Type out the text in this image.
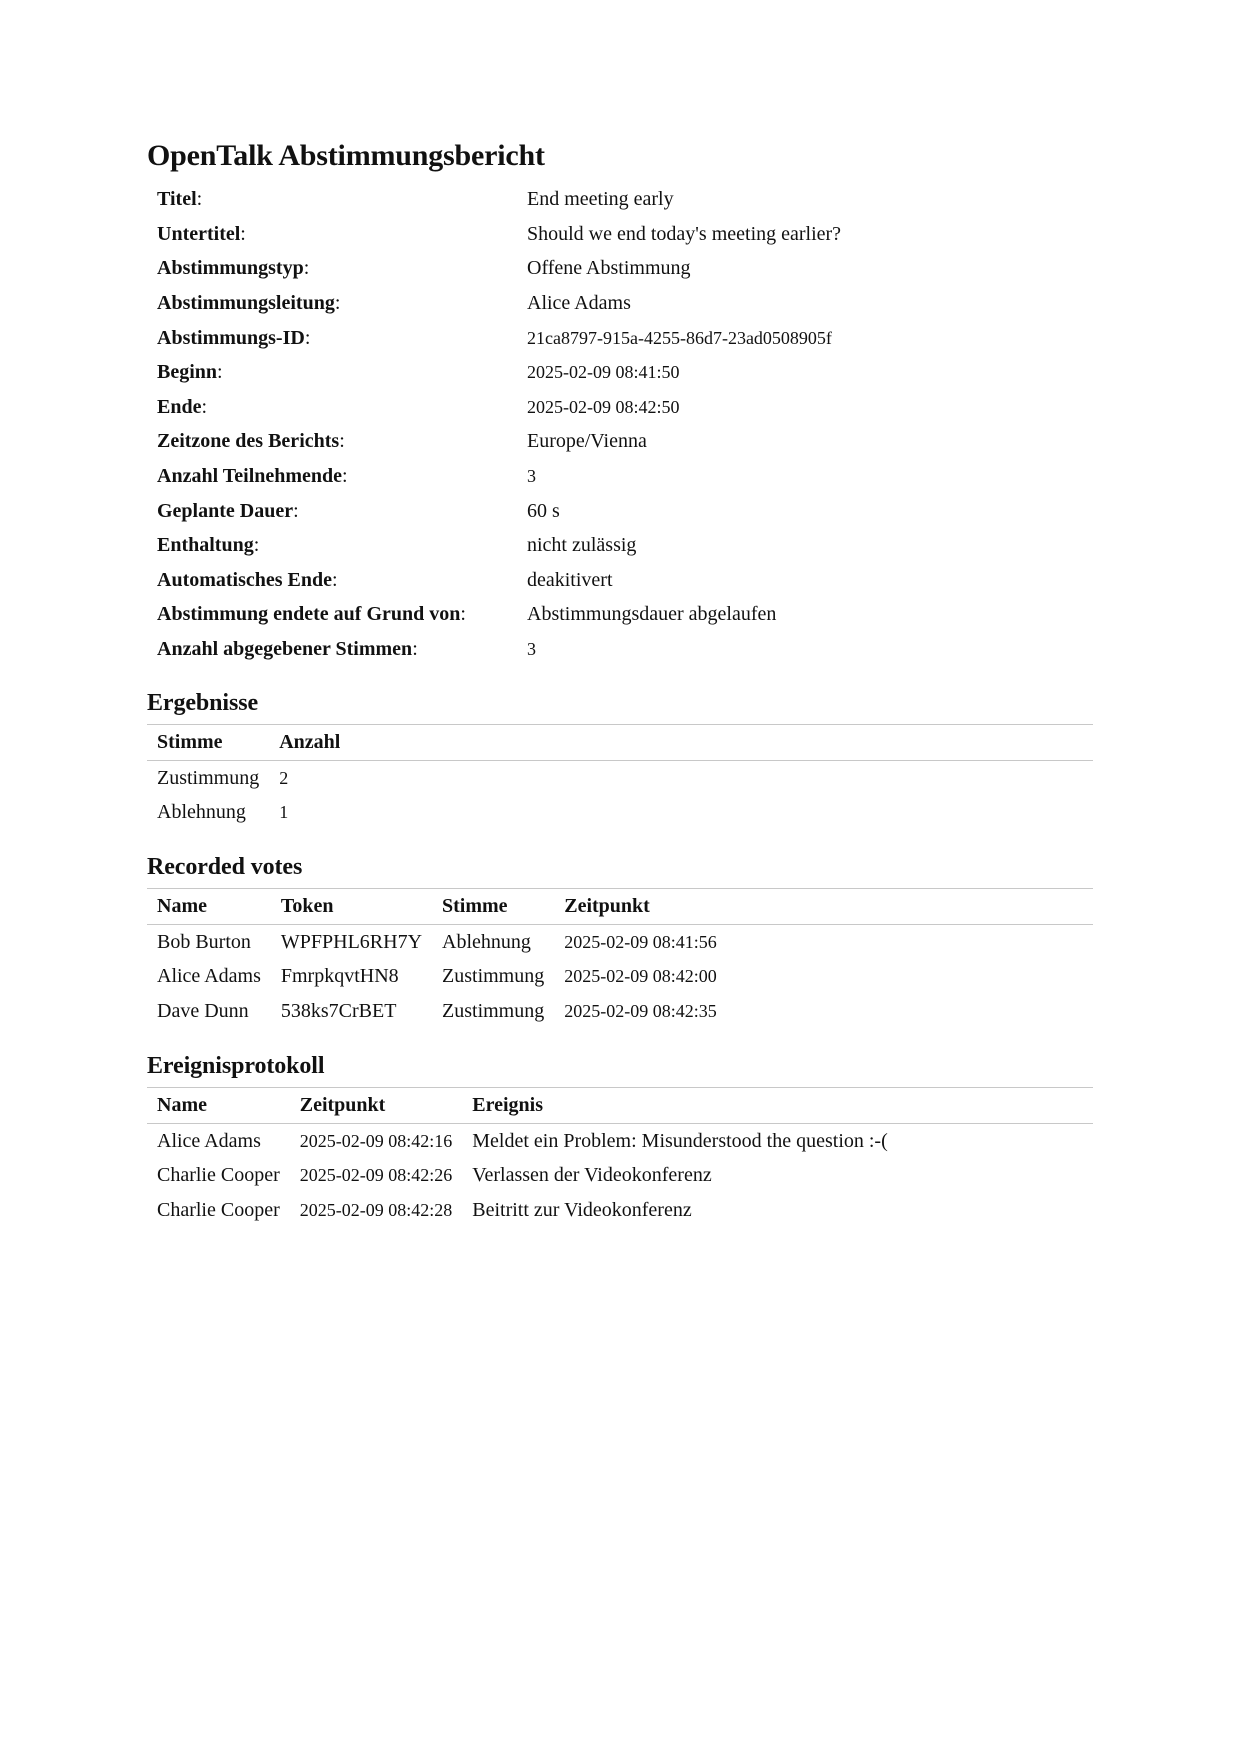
OpenTalk Abstimmungsbericht
Titel:	End meeting early
Untertitel:	Should we end today's meeting earlier?
Abstimmungstyp:	Offene Abstimmung
Abstimmungsleitung:	Alice Adams
Abstimmungs-ID:	21ca8797-915a-4255-86d7-23ad0508905f
Beginn:	2025-02-09 08:41:50
Ende:	2025-02-09 08:42:50
Zeitzone des Berichts:	Europe/Vienna
Anzahl Teilnehmende:	3
Geplante Dauer:	60 s
Enthaltung:	nicht zulässig
Automatisches Ende:	deakitivert
Abstimmung endete auf Grund von:	Abstimmungsdauer abgelaufen
Anzahl abgegebener Stimmen:	3
Ergebnisse
Stimme	Anzahl
Zustimmung	2
Ablehnung	1
Recorded votes
Name	Token	Stimme	Zeitpunkt
Bob Burton	WPFPHL6RH7Y	Ablehnung	2025-02-09 08:41:56
Alice Adams	FmrpkqvtHN8	Zustimmung	2025-02-09 08:42:00
Dave Dunn	538ks7CrBET	Zustimmung	2025-02-09 08:42:35
Ereignisprotokoll
Name	Zeitpunkt	Ereignis
Alice Adams	2025-02-09 08:42:16	Meldet ein Problem: Misunderstood the question :-(
Charlie Cooper	2025-02-09 08:42:26	Verlassen der Videokonferenz
Charlie Cooper	2025-02-09 08:42:28	Beitritt zur Videokonferenz
